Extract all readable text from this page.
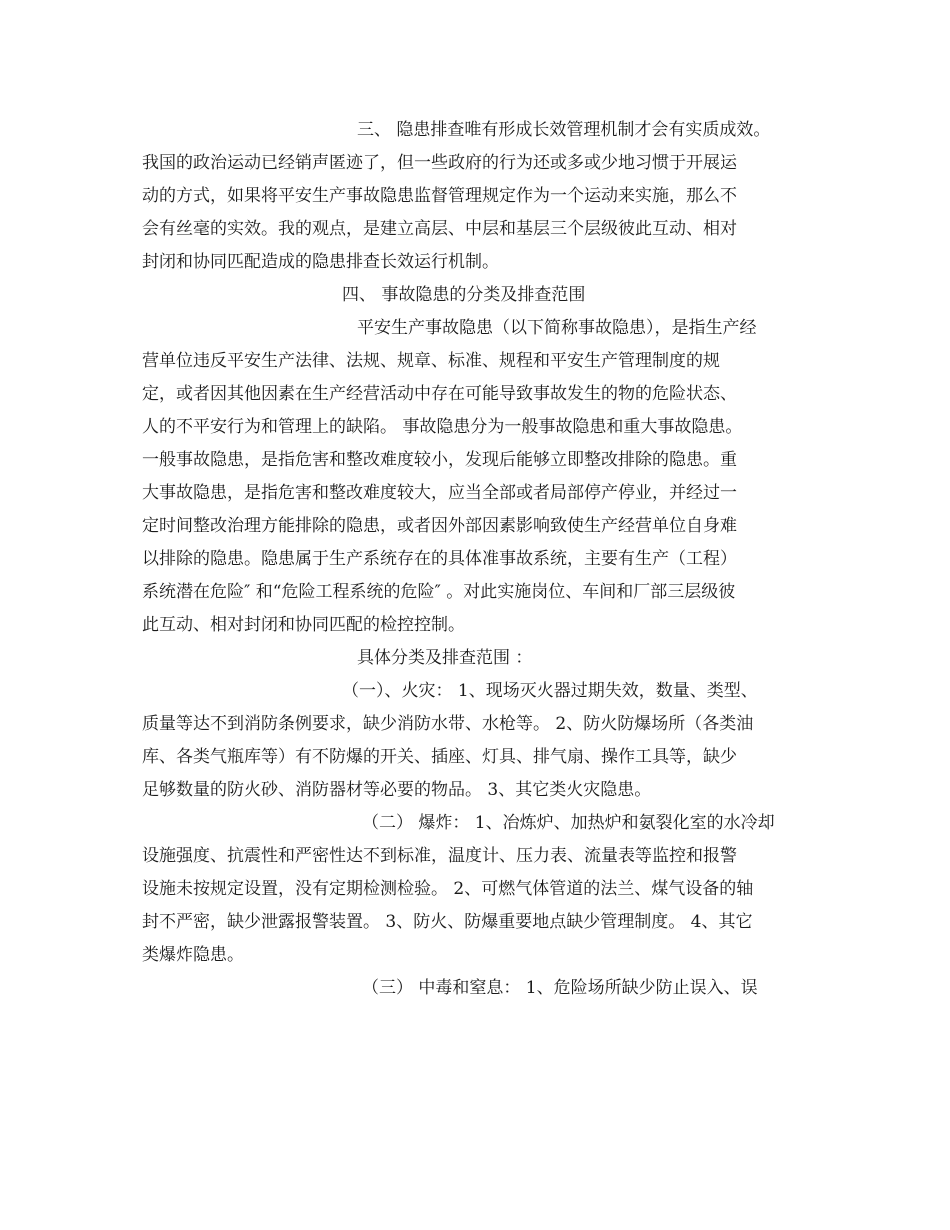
三、 隐患排查唯有形成长效管理机制才会有实质成效。
我国的政治运动已经销声匿迹了，但一些政府的行为还或多或少地习惯于开展运
动的方式，如果将平安生产事故隐患监督管理规定作为一个运动来实施，那么不
会有丝毫的实效。我的观点，是建立高层、中层和基层三个层级彼此互动、相对
封闭和协同匹配造成的隐患排查长效运行机制。
四、 事故隐患的分类及排查范围
平安生产事故隐患（以下简称事故隐患），是指生产经
营单位违反平安生产法律、法规、规章、标准、规程和平安生产管理制度的规
定，或者因其他因素在生产经营活动中存在可能导致事故发生的物的危险状态、
人的不平安行为和管理上的缺陷。 事故隐患分为一般事故隐患和重大事故隐患。
一般事故隐患，是指危害和整改难度较小，发现后能够立即整改排除的隐患。重
大事故隐患，是指危害和整改难度较大，应当全部或者局部停产停业，并经过一
定时间整改治理方能排除的隐患，或者因外部因素影响致使生产经营单位自身难
以排除的隐患。隐患属于生产系统存在的具体准事故系统，主要有生产（工程）
系统潜在危险″ 和“危险工程系统的危险″ 。对此实施岗位、车间和厂部三层级彼
此互动、相对封闭和协同匹配的检控控制。
具体分类及排查范围 ：
（一）、火灾： 1、现场灭火器过期失效，数量、类型、
质量等达不到消防条例要求，缺少消防水带、水枪等。 2、防火防爆场所（各类油
库、各类气瓶库等）有不防爆的开关、插座、灯具、排气扇、操作工具等，缺少
足够数量的防火砂、消防器材等必要的物品。 3、其它类火灾隐患。
（二） 爆炸： 1、冶炼炉、加热炉和氨裂化室的水冷却
设施强度、抗震性和严密性达不到标准，温度计、压力表、流量表等监控和报警
设施未按规定设置，没有定期检测检验。 2、可燃气体管道的法兰、煤气设备的轴
封不严密，缺少泄露报警装置。 3、防火、防爆重要地点缺少管理制度。 4、其它
类爆炸隐患。
（三） 中毒和窒息： 1、危险场所缺少防止误入、误
